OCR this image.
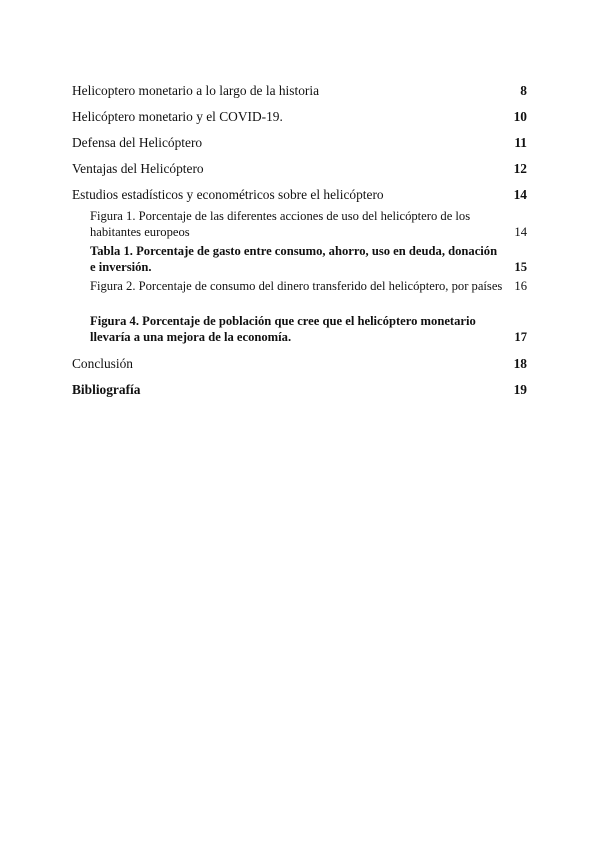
Helicoptero monetario a lo largo de la historia	8
Helicóptero monetario y el COVID-19.	10
Defensa del Helicóptero	11
Ventajas del Helicóptero	12
Estudios estadísticos y econométricos sobre el helicóptero	14
Figura 1. Porcentaje de las diferentes acciones de uso del helicóptero de los habitantes europeos	14
Tabla 1. Porcentaje de gasto entre consumo, ahorro, uso en deuda, donación e inversión.	15
Figura 2. Porcentaje de consumo del dinero transferido del helicóptero, por países 16
Figura 4. Porcentaje de población que cree que el helicóptero monetario llevaría a una mejora de la economía.	17
Conclusión	18
Bibliografía	19
